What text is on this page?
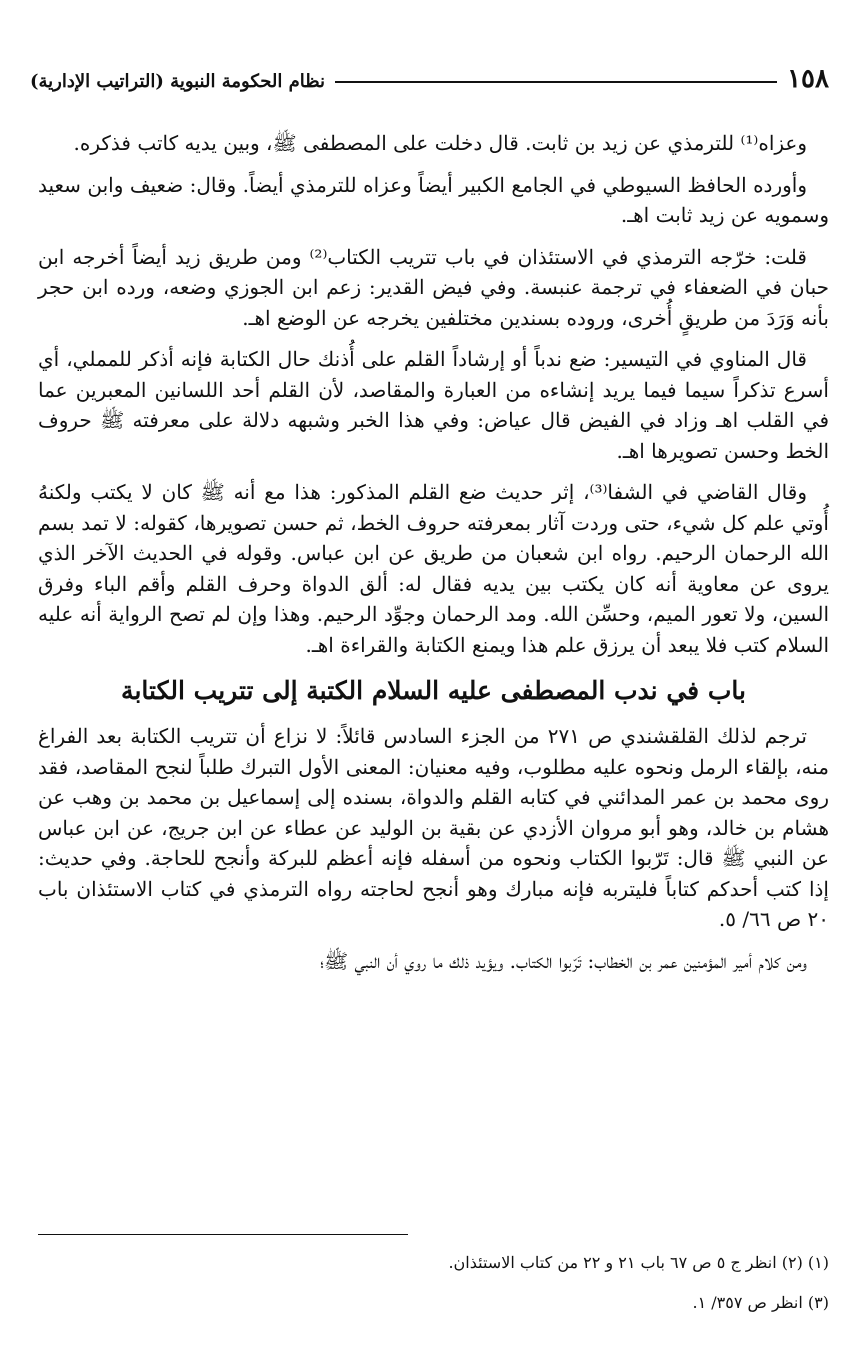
١٥٨
نظام الحكومة النبوية (التراتيب الإدارية)

وعزاه⁽¹⁾ للترمذي عن زيد بن ثابت. قال دخلت على المصطفى ﷺ، وبين يديه كاتب فذكره.

وأورده الحافظ السيوطي في الجامع الكبير أيضاً وعزاه للترمذي أيضاً. وقال: ضعيف وابن سعيد وسمويه عن زيد ثابت اهـ.

قلت: خرّجه الترمذي في الاستئذان في باب تتريب الكتاب⁽²⁾ ومن طريق زيد أيضاً أخرجه ابن حبان في الضعفاء في ترجمة عنبسة. وفي فيض القدير: زعم ابن الجوزي وضعه، ورده ابن حجر بأنه وَرَدَ من طريقٍ أُخرى، وروده بسندين مختلفين يخرجه عن الوضع اهـ.

قال المناوي في التيسير: ضع ندباً أو إرشاداً القلم على أُذنك حال الكتابة فإنه أذكر للمملي، أي أسرع تذكراً سيما فيما يريد إنشاءه من العبارة والمقاصد، لأن القلم أحد اللسانين المعبرين عما في القلب اهـ وزاد في الفيض قال عياض: وفي هذا الخبر وشبهه دلالة على معرفته ﷺ حروف الخط وحسن تصويرها اهـ.

وقال القاضي في الشفا⁽³⁾، إثر حديث ضع القلم المذكور: هذا مع أنه ﷺ كان لا يكتب ولكنهُ أُوتي علم كل شيء، حتى وردت آثار بمعرفته حروف الخط، ثم حسن تصويرها، كقوله: لا تمد بسم الله الرحمان الرحيم. رواه ابن شعبان من طريق عن ابن عباس. وقوله في الحديث الآخر الذي يروى عن معاوية أنه كان يكتب بين يديه فقال له: ألق الدواة وحرف القلم وأقم الباء وفرق السين، ولا تعور الميم، وحسِّن الله. ومد الرحمان وجوِّد الرحيم. وهذا وإن لم تصح الرواية أنه عليه السلام كتب فلا يبعد أن يرزق علم هذا ويمنع الكتابة والقراءة اهـ.

باب في ندب المصطفى عليه السلام الكتبة إلى تتريب الكتابة

ترجم لذلك القلقشندي ص ٢٧١ من الجزء السادس قائلاً: لا نزاع أن تتريب الكتابة بعد الفراغ منه، بإلقاء الرمل ونحوه عليه مطلوب، وفيه معنيان: المعنى الأول التبرك طلباً لنجح المقاصد، فقد روى محمد بن عمر المدائني في كتابه القلم والدواة، بسنده إلى إسماعيل بن محمد بن وهب عن هشام بن خالد، وهو أبو مروان الأزدي عن بقية بن الوليد عن عطاء عن ابن جريج، عن ابن عباس عن النبي ﷺ قال: تَرّبوا الكتاب ونحوه من أسفله فإنه أعظم للبركة وأنجح للحاجة. وفي حديث: إذا كتب أحدكم كتاباً فليتربه فإنه مبارك وهو أنجح لحاجته رواه الترمذي في كتاب الاستئذان باب ٢٠ ص ٦٦/ ٥.

ومن كلام أمير المؤمنين عمر بن الخطاب: تَرّبوا الكتاب. ويؤيد ذلك ما روي أن النبي ﷺ؛

(١) (٢) انظر ج ٥ ص ٦٧ باب ٢١ و ٢٢ من كتاب الاستئذان.

(٣) انظر ص ٣٥٧/ ١.
